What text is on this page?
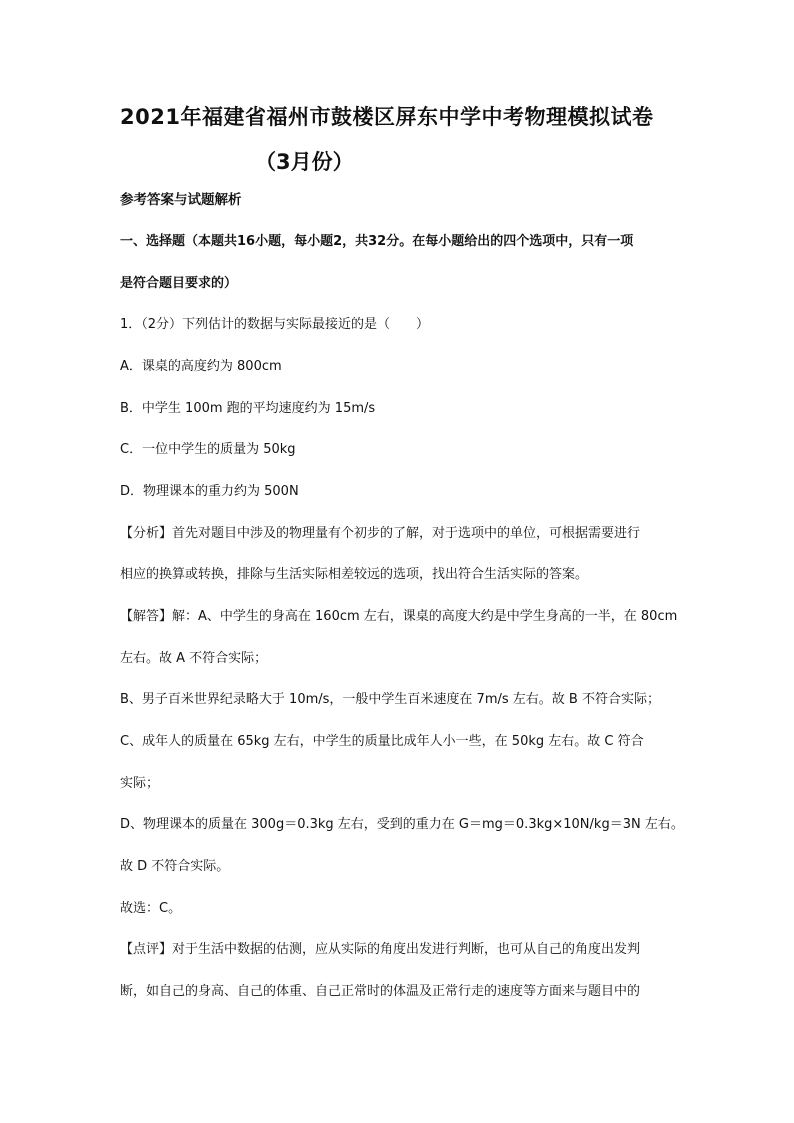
2021年福建省福州市鼓楼区屏东中学中考物理模拟试卷
（3月份）
参考答案与试题解析
一、选择题（本题共16小题，每小题2，共32分。在每小题给出的四个选项中，只有一项
是符合题目要求的）
1．（2分）下列估计的数据与实际最接近的是（　　）
A．课桌的高度约为 800cm
B．中学生 100m 跑的平均速度约为 15m/s
C．一位中学生的质量为 50kg
D．物理课本的重力约为 500N
【分析】首先对题目中涉及的物理量有个初步的了解，对于选项中的单位，可根据需要进行
相应的换算或转换，排除与生活实际相差较远的选项，找出符合生活实际的答案。
【解答】解：A、中学生的身高在 160cm 左右，课桌的高度大约是中学生身高的一半，在 80cm
左右。故 A 不符合实际；
B、男子百米世界纪录略大于 10m/s，一般中学生百米速度在 7m/s 左右。故 B 不符合实际；
C、成年人的质量在 65kg 左右，中学生的质量比成年人小一些，在 50kg 左右。故 C 符合
实际；
D、物理课本的质量在 300g＝0.3kg 左右，受到的重力在 G＝mg＝0.3kg×10N/kg＝3N 左右。
故 D 不符合实际。
故选：C。
【点评】对于生活中数据的估测，应从实际的角度出发进行判断，也可从自己的角度出发判
断，如自己的身高、自己的体重、自己正常时的体温及正常行走的速度等方面来与题目中的
